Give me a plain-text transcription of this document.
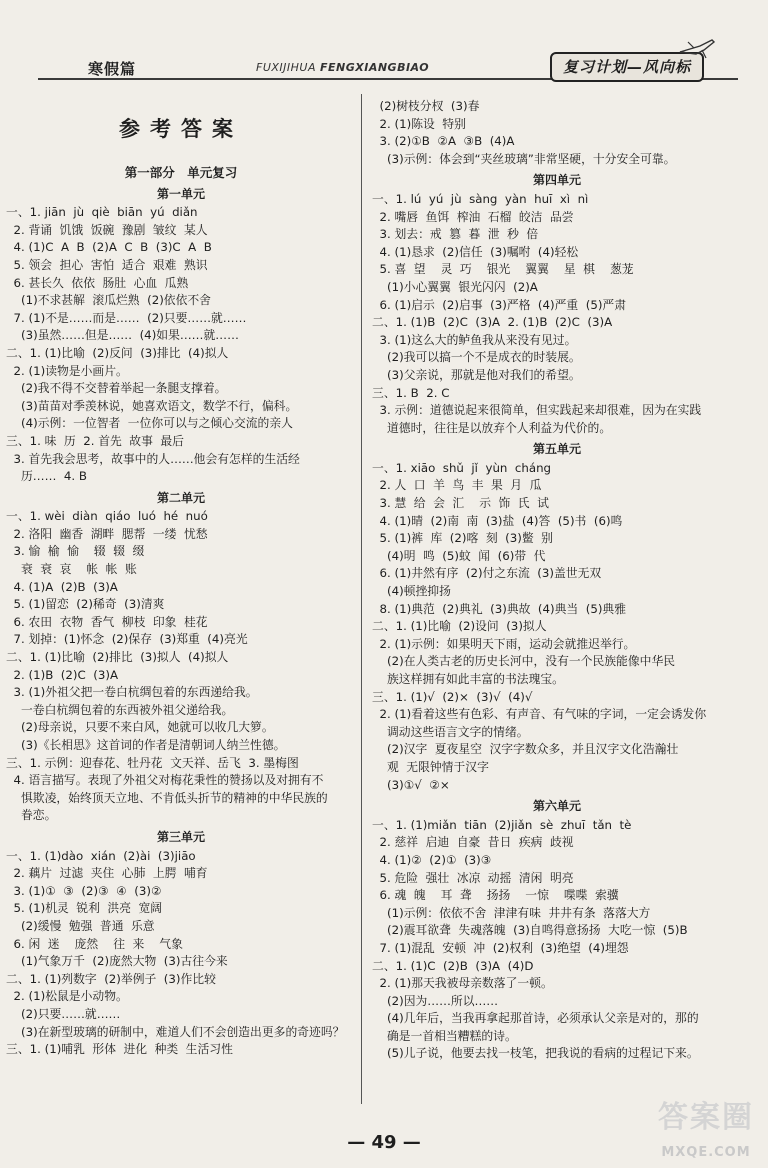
寒假篇	FUXIJIHUA FENGXIANGBIAO	复习计划—风向标
参考答案
第一部分　单元复习
第一单元
一、1. jiān  jù  qiè  biān  yú  diǎn
2. 背诵  饥饿  饭碗  豫剧  皱纹  某人
4. (1)C  A  B  (2)A  C  B  (3)C  A  B
5. 领会  担心  害怕  适合  艰难  熟识
6. 甚长久  依依  肠肚  心血  瓜熟
(1)不求甚解  滚瓜烂熟  (2)依依不舍
7. (1)不是……而是……  (2)只要……就……
(3)虽然……但是……  (4)如果……就……
二、1. (1)比喻  (2)反问  (3)排比  (4)拟人
2. (1)读物是小画片。
(2)我不得不交替着举起一条腿支撑着。
(3)苗苗对季羡林说，她喜欢语文，数学不行，偏科。
(4)示例：一位智者  一位你可以与之倾心交流的亲人
三、1. 味  历  2. 首先  故事  最后
3. 首先我会思考，故事中的人……他会有怎样的生活经
历……  4. B
第二单元
一、1. wèi  diàn  qiáo  luó  hé  nuó
2. 洛阳  幽香  湖畔  腮帮  一缕  忧愁
3. 愉  榆  愉    辍  辍  缀
衰  衰  哀    帐  帐  账
4. (1)A  (2)B  (3)A
5. (1)留恋  (2)稀奇  (3)清爽
6. 农田  衣物  香气  柳枝  印象  桂花
7. 划掉：(1)怀念  (2)保存  (3)郑重  (4)亮光
二、1. (1)比喻  (2)排比  (3)拟人  (4)拟人
2. (1)B  (2)C  (3)A
3. (1)外祖父把一卷白杭绸包着的东西递给我。
一卷白杭绸包着的东西被外祖父递给我。
(2)母亲说，只要不来白风，她就可以收几大箩。
(3)《长相思》这首词的作者是清朝词人纳兰性德。
三、1. 示例：迎春花、牡丹花  文天祥、岳飞  3. 墨梅图
4. 语言描写。表现了外祖父对梅花秉性的赞扬以及对拥有不
惧欺凌，始终顶天立地、不肯低头折节的精神的中华民族的
眷恋。
第三单元
一、1. (1)dào  xián  (2)ài  (3)jiāo
2. 藕片  过滤  夹住  心肺  上腭  哺育
3. (1)①  ③  (2)③  ④  (3)②
5. (1)机灵  锐利  洪亮  宽阔
(2)缓慢  勉强  普通  乐意
6. 闲  迷    庞然    往  来    气象
(1)气象万千  (2)庞然大物  (3)古往今来
二、1. (1)列数字  (2)举例子  (3)作比较
2. (1)松鼠是小动物。
(2)只要……就……
(3)在新型玻璃的研制中，难道人们不会创造出更多的奇迹吗？
三、1. (1)哺乳  形体  进化  种类  生活习性
(2)树枝分杈  (3)春
2. (1)陈设  特别
3. (2)①B  ②A  ③B  (4)A
(3)示例：体会到“夹丝玻璃”非常坚硬，十分安全可靠。
第四单元
一、1. lú  yú  jù  sàng  yàn  huī  xì  nì
2. 嘴唇  鱼饵  榨油  石榴  皎洁  品尝
3. 划去：戒  篡  暮  泄  秒  倍
4. (1)恳求  (2)信任  (3)嘱咐  (4)轻松
5. 喜  望    灵  巧    银光    翼翼    星  棋    葱茏
(1)小心翼翼  银光闪闪  (2)A
6. (1)启示  (2)启事  (3)严格  (4)严重  (5)严肃
二、1. (1)B  (2)C  (3)A  2. (1)B  (2)C  (3)A
3. (1)这么大的鲈鱼我从来没有见过。
(2)我可以搞一个不是成衣的时装展。
(3)父亲说，那就是他对我们的希望。
三、1. B  2. C
3. 示例：道德说起来很简单，但实践起来却很难，因为在实践
道德时，往往是以放弃个人利益为代价的。
第五单元
一、1. xiāo  shǔ  jǐ  yùn  cháng
2. 人  口  羊  鸟  丰  果  月  瓜
3. 慧  给  会  汇    示  饰  氏  试
4. (1)晴  (2)南  南  (3)盐  (4)答  (5)书  (6)鸣
5. (1)裤  库  (2)喀  刻  (3)鳖  别
(4)明  鸣  (5)蚊  闻  (6)带  代
6. (1)井然有序  (2)付之东流  (3)盖世无双
(4)顿挫抑扬
8. (1)典范  (2)典礼  (3)典故  (4)典当  (5)典雅
二、1. (1)比喻  (2)设问  (3)拟人
2. (1)示例：如果明天下雨，运动会就推迟举行。
(2)在人类古老的历史长河中，没有一个民族能像中华民
族这样拥有如此丰富的书法瑰宝。
三、1. (1)√  (2)×  (3)√  (4)√
2. (1)看着这些有色彩、有声音、有气味的字词，一定会诱发你
调动这些语言文字的情绪。
(2)汉字  夏夜星空  汉字字数众多，并且汉字文化浩瀚壮
观  无限钟情于汉字
(3)①√  ②×
第六单元
一、1. (1)miǎn  tiān  (2)jiǎn  sè  zhuī  tǎn  tè
2. 慈祥  启迪  自豪  昔日  疾病  歧视
4. (1)②  (2)①  (3)③
5. 危险  强壮  冰凉  动摇  清闲  明亮
6. 魂  魄    耳  聋    扬扬    一惊    喋喋  索骥
(1)示例：依依不舍  津津有味  井井有条  落落大方
(2)震耳欲聋  失魂落魄  (3)自鸣得意扬扬  大吃一惊  (5)B
7. (1)混乱  安顿  冲  (2)权利  (3)绝望  (4)埋怨
二、1. (1)C  (2)B  (3)A  (4)D
2. (1)那天我被母亲数落了一顿。
(2)因为……所以……
(4)几年后，当我再拿起那首诗，必须承认父亲是对的，那的
确是一首相当糟糕的诗。
(5)儿子说，他要去找一枝笔，把我说的看病的过程记下来。
— 49 —
答案圈
MXQE.COM
